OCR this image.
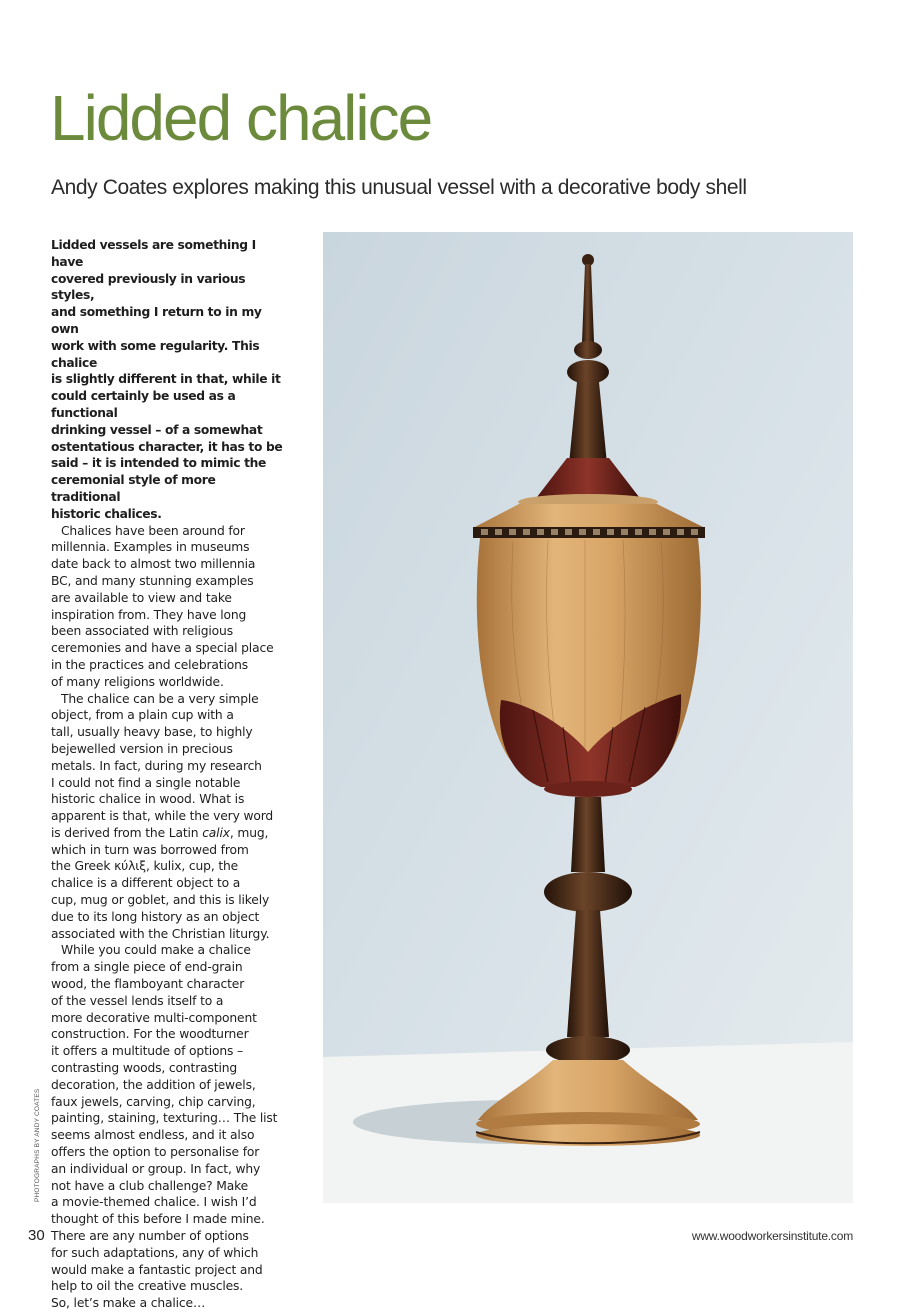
Lidded chalice
Andy Coates explores making this unusual vessel with a decorative body shell

Lidded vessels are something I have
covered previously in various styles,
and something I return to in my own
work with some regularity. This chalice
is slightly different in that, while it
could certainly be used as a functional
drinking vessel – of a somewhat
ostentatious character, it has to be
said – it is intended to mimic the
ceremonial style of more traditional
historic chalices.

Chalices have been around for
millennia. Examples in museums
date back to almost two millennia
BC, and many stunning examples
are available to view and take
inspiration from. They have long
been associated with religious
ceremonies and have a special place
in the practices and celebrations
of many religions worldwide.

The chalice can be a very simple
object, from a plain cup with a
tall, usually heavy base, to highly
bejewelled version in precious
metals. In fact, during my research
I could not find a single notable
historic chalice in wood. What is
apparent is that, while the very word
is derived from the Latin calix, mug,
which in turn was borrowed from
the Greek κύλιξ, kulix, cup, the
chalice is a different object to a
cup, mug or goblet, and this is likely
due to its long history as an object
associated with the Christian liturgy.

While you could make a chalice
from a single piece of end-grain
wood, the flamboyant character
of the vessel lends itself to a
more decorative multi-component
construction. For the woodturner
it offers a multitude of options –
contrasting woods, contrasting
decoration, the addition of jewels,
faux jewels, carving, chip carving,
painting, staining, texturing… The list
seems almost endless, and it also
offers the option to personalise for
an individual or group. In fact, why
not have a club challenge? Make
a movie-themed chalice. I wish I’d
thought of this before I made mine.
There are any number of options
for such adaptations, any of which
would make a fantastic project and
help to oil the creative muscles.
So, let’s make a chalice…

PHOTOGRAPHS BY ANDY COATES
30	www.woodworkersinstitute.com
